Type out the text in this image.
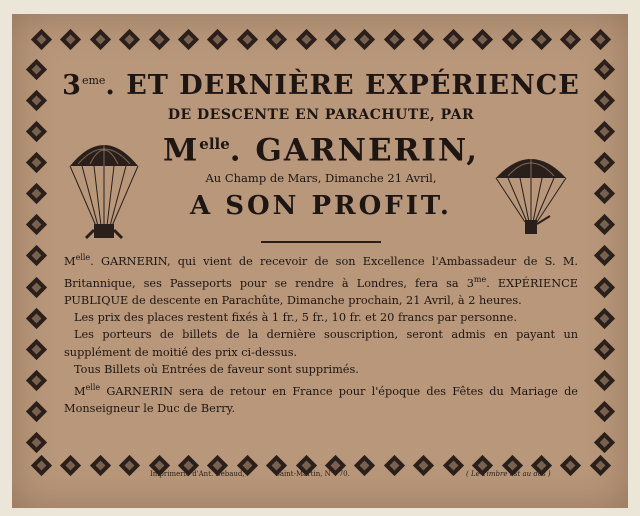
3eme. ET DERNIÈRE EXPÉRIENCE
DE DESCENTE EN PARACHUTE, PAR
$M^{elle}$. GARNERIN,
Au Champ de Mars, Dimanche 21 Avril,
A SON PROFIT.

$M^{elle}$. GARNERIN, qui vient de recevoir de son Excellence l'Ambassadeur de S. M. Britannique, ses Passeports pour se rendre à Londres, fera sa $3^{me}$. EXPÉRIENCE PUBLIQUE de descente en Parachûte, Dimanche prochain, 21 Avril, à 2 heures.

Les prix des places restent fixés à 1 fr., 5 fr., 10 fr. et 20 francs par personne.

Les porteurs de billets de la dernière souscription, seront admis en payant un supplément de moitié des prix ci-dessus.

Tous Billets où Entrées de faveur sont supprimés.

$M^{elle}$ GARNERIN sera de retour en France pour l'époque des Fêtes du Mariage de Monseigneur le Duc de Berry.

Imprimerie d'Ant. Bebaud,	Saint-Martin, N°. 70.	( Le Timbre est au dos )
